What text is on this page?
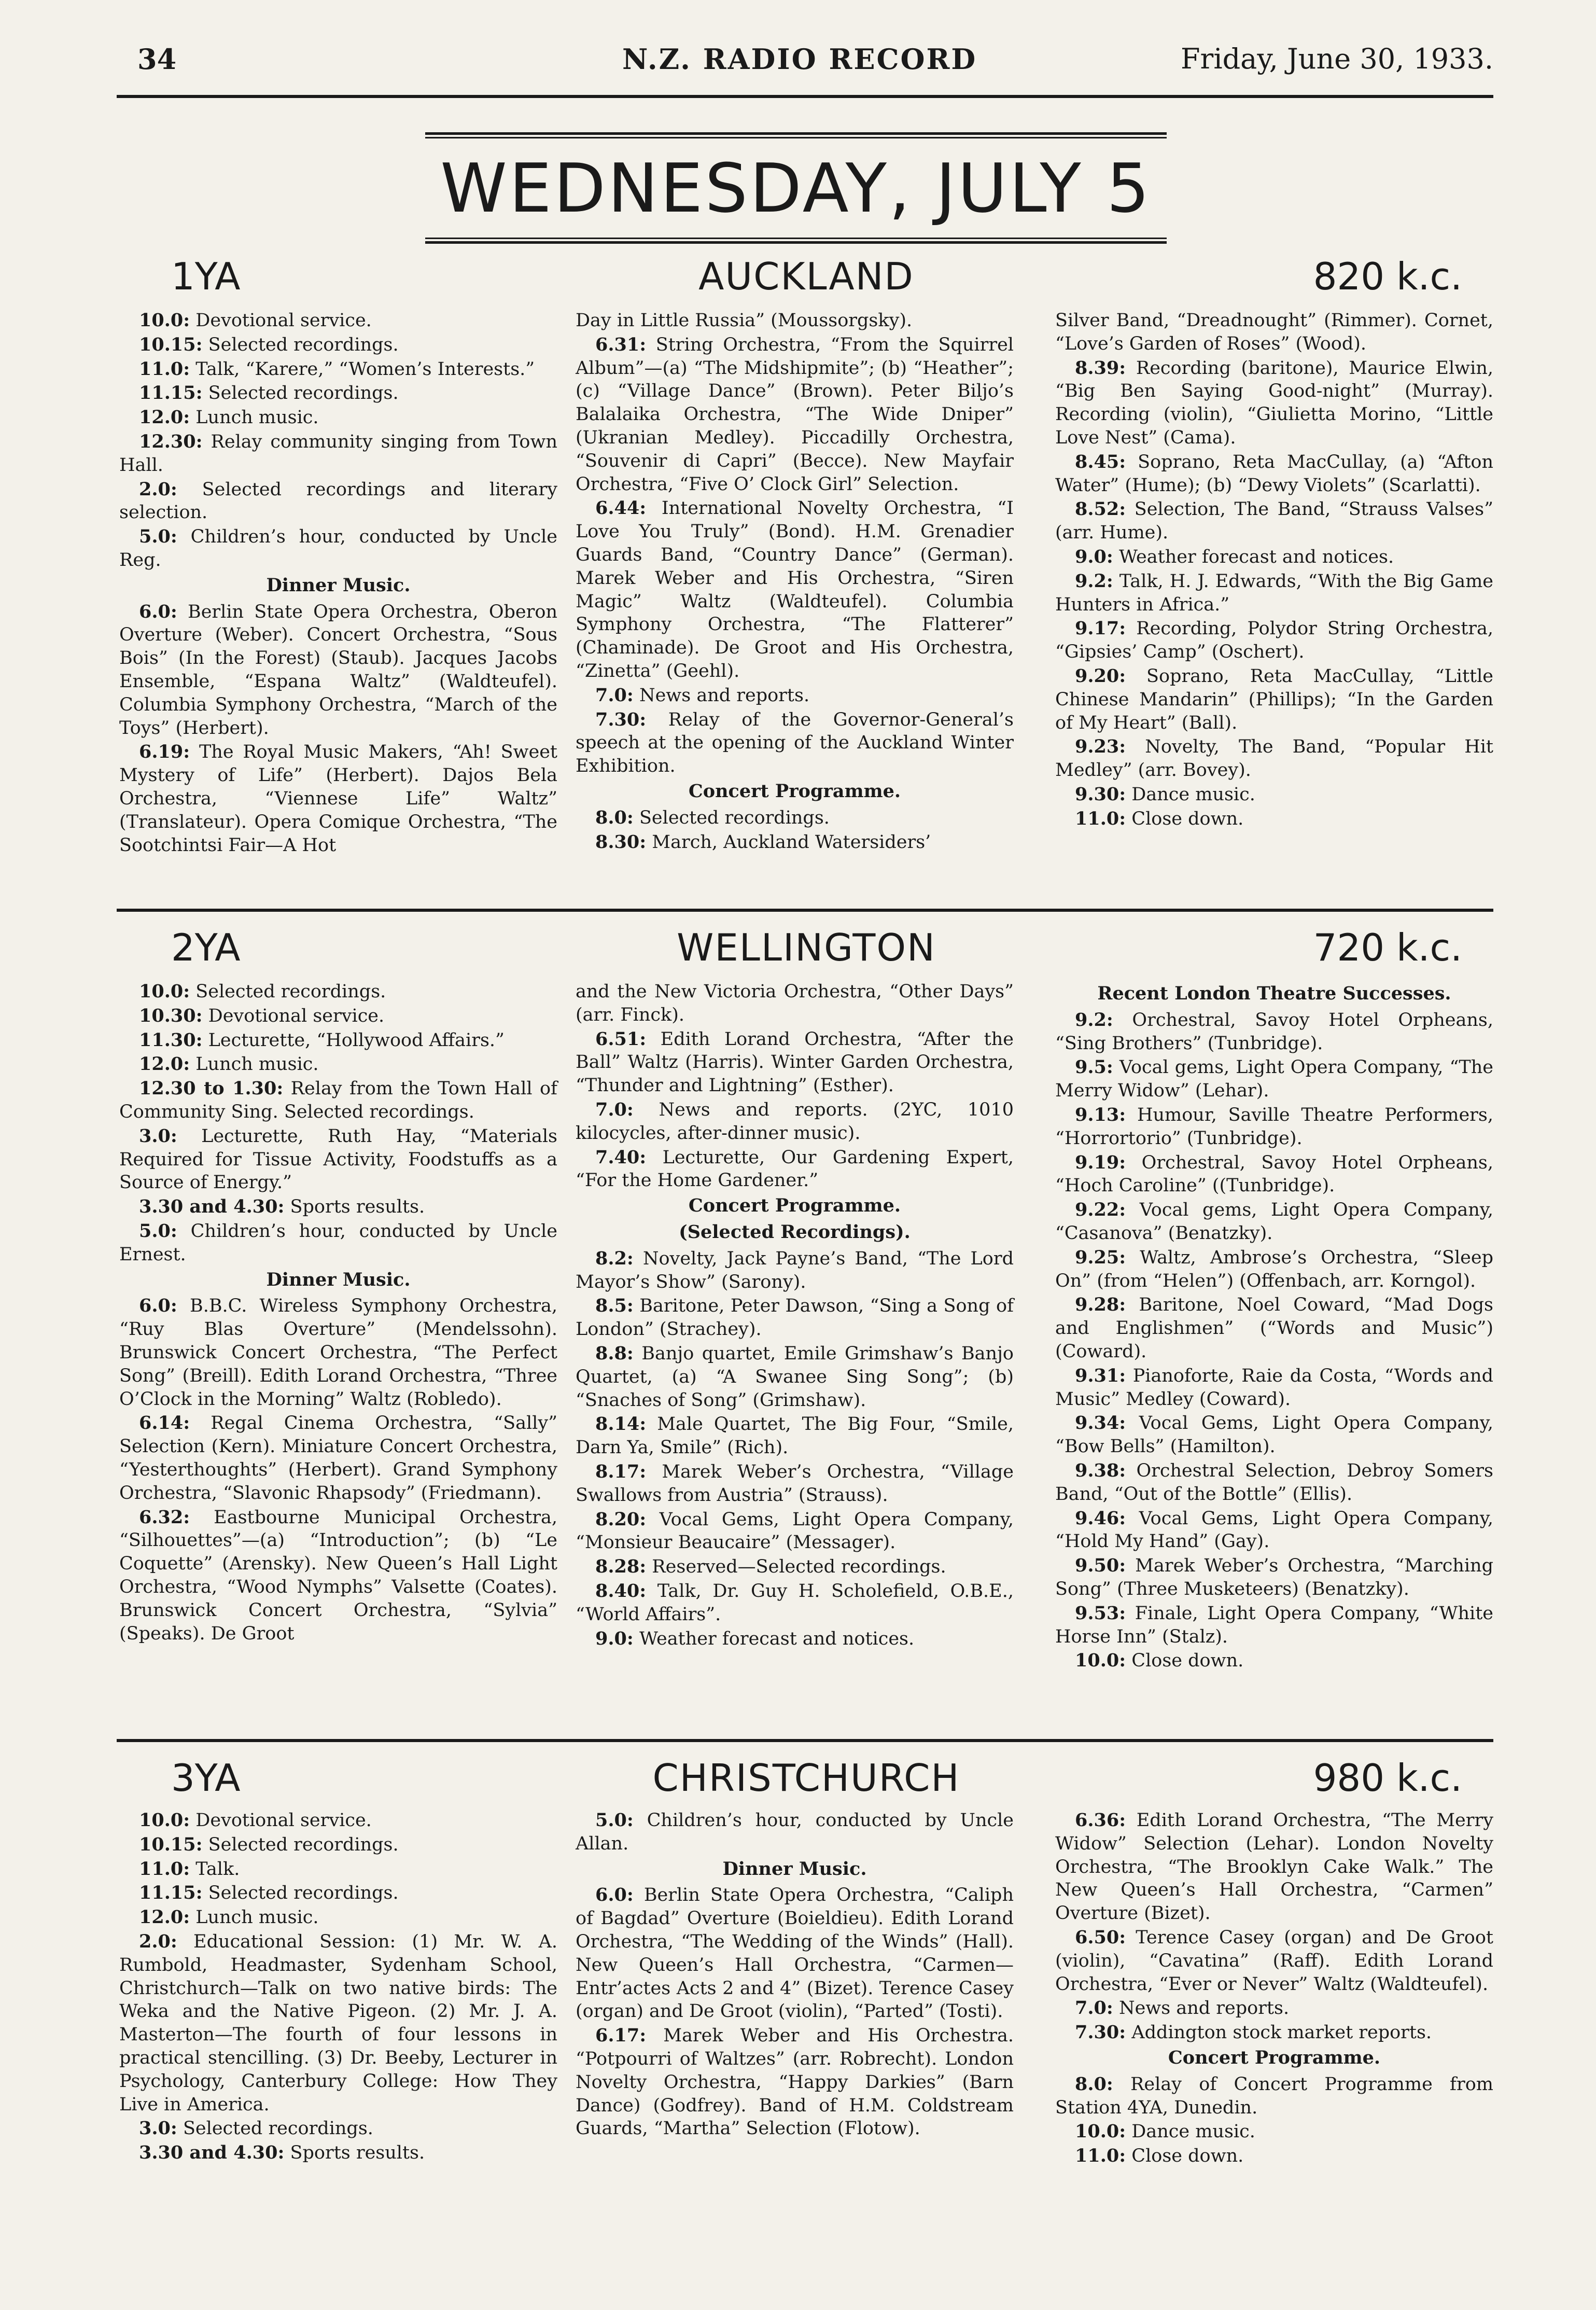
34	N.Z. RADIO RECORD	Friday, June 30, 1933.
WEDNESDAY, JULY 5
1YA	AUCKLAND	820 k.c.

10.0: Devotional service.

10.15: Selected recordings.

11.0: Talk, “Karere,” “Women’s Interests.”

11.15: Selected recordings.

12.0: Lunch music.

12.30: Relay community singing from Town Hall.

2.0: Selected recordings and literary selection.

5.0: Children’s hour, conducted by Uncle Reg.

Dinner Music.

6.0: Berlin State Opera Orchestra, Oberon Overture (Weber). Concert Orchestra, “Sous Bois” (In the Forest) (Staub). Jacques Jacobs Ensemble, “Espana Waltz” (Waldteufel). Columbia Symphony Orchestra, “March of the Toys” (Herbert).

6.19: The Royal Music Makers, “Ah! Sweet Mystery of Life” (Herbert). Dajos Bela Orchestra, “Viennese Life” Waltz” (Translateur). Opera Comique Orchestra, “The Sootchintsi Fair—A Hot

Day in Little Russia” (Moussorgsky).

6.31: String Orchestra, “From the Squirrel Album”—(a) “The Midshipmite”; (b) “Heather”; (c) “Village Dance” (Brown). Peter Biljo’s Balalaika Orchestra, “The Wide Dniper” (Ukranian Medley). Piccadilly Orchestra, “Souvenir di Capri” (Becce). New Mayfair Orchestra, “Five O’ Clock Girl” Selection.

6.44: International Novelty Orchestra, “I Love You Truly” (Bond). H.M. Grenadier Guards Band, “Country Dance” (German). Marek Weber and His Orchestra, “Siren Magic” Waltz (Waldteufel). Columbia Symphony Orchestra, “The Flatterer” (Chaminade). De Groot and His Orchestra, “Zinetta” (Geehl).

7.0: News and reports.

7.30: Relay of the Governor-General’s speech at the opening of the Auckland Winter Exhibition.

Concert Programme.

8.0: Selected recordings.

8.30: March, Auckland Watersiders’

Silver Band, “Dreadnought” (Rimmer). Cornet, “Love’s Garden of Roses” (Wood).

8.39: Recording (baritone), Maurice Elwin, “Big Ben Saying Good-night” (Murray). Recording (violin), “Giulietta Morino, “Little Love Nest” (Cama).

8.45: Soprano, Reta MacCullay, (a) “Afton Water” (Hume); (b) “Dewy Violets” (Scarlatti).

8.52: Selection, The Band, “Strauss Valses” (arr. Hume).

9.0: Weather forecast and notices.

9.2: Talk, H. J. Edwards, “With the Big Game Hunters in Africa.”

9.17: Recording, Polydor String Orchestra, “Gipsies’ Camp” (Oschert).

9.20: Soprano, Reta MacCullay, “Little Chinese Mandarin” (Phillips); “In the Garden of My Heart” (Ball).

9.23: Novelty, The Band, “Popular Hit Medley” (arr. Bovey).

9.30: Dance music.

11.0: Close down.

2YA	WELLINGTON	720 k.c.

10.0: Selected recordings.

10.30: Devotional service.

11.30: Lecturette, “Hollywood Affairs.”

12.0: Lunch music.

12.30 to 1.30: Relay from the Town Hall of Community Sing. Selected recordings.

3.0: Lecturette, Ruth Hay, “Materials Required for Tissue Activity, Foodstuffs as a Source of Energy.”

3.30 and 4.30: Sports results.

5.0: Children’s hour, conducted by Uncle Ernest.

Dinner Music.

6.0: B.B.C. Wireless Symphony Orchestra, “Ruy Blas Overture” (Mendelssohn). Brunswick Concert Orchestra, “The Perfect Song” (Breill). Edith Lorand Orchestra, “Three O’Clock in the Morning” Waltz (Robledo).

6.14: Regal Cinema Orchestra, “Sally” Selection (Kern). Miniature Concert Orchestra, “Yesterthoughts” (Herbert). Grand Symphony Orchestra, “Slavonic Rhapsody” (Friedmann).

6.32: Eastbourne Municipal Orchestra, “Silhouettes”—(a) “Introduction”; (b) “Le Coquette” (Arensky). New Queen’s Hall Light Orchestra, “Wood Nymphs” Valsette (Coates). Brunswick Concert Orchestra, “Sylvia” (Speaks). De Groot

and the New Victoria Orchestra, “Other Days” (arr. Finck).

6.51: Edith Lorand Orchestra, “After the Ball” Waltz (Harris). Winter Garden Orchestra, “Thunder and Lightning” (Esther).

7.0: News and reports. (2YC, 1010 kilocycles, after-dinner music).

7.40: Lecturette, Our Gardening Expert, “For the Home Gardener.”

Concert Programme.
(Selected Recordings).

8.2: Novelty, Jack Payne’s Band, “The Lord Mayor’s Show” (Sarony).

8.5: Baritone, Peter Dawson, “Sing a Song of London” (Strachey).

8.8: Banjo quartet, Emile Grimshaw’s Banjo Quartet, (a) “A Swanee Sing Song”; (b) “Snaches of Song” (Grimshaw).

8.14: Male Quartet, The Big Four, “Smile, Darn Ya, Smile” (Rich).

8.17: Marek Weber’s Orchestra, “Village Swallows from Austria” (Strauss).

8.20: Vocal Gems, Light Opera Company, “Monsieur Beaucaire” (Messager).

8.28: Reserved—Selected recordings.

8.40: Talk, Dr. Guy H. Scholefield, O.B.E., “World Affairs”.

9.0: Weather forecast and notices.

Recent London Theatre Successes.

9.2: Orchestral, Savoy Hotel Orpheans, “Sing Brothers” (Tunbridge).

9.5: Vocal gems, Light Opera Company, “The Merry Widow” (Lehar).

9.13: Humour, Saville Theatre Performers, “Horrortorio” (Tunbridge).

9.19: Orchestral, Savoy Hotel Orpheans, “Hoch Caroline” ((Tunbridge).

9.22: Vocal gems, Light Opera Company, “Casanova” (Benatzky).

9.25: Waltz, Ambrose’s Orchestra, “Sleep On” (from “Helen”) (Offenbach, arr. Korngol).

9.28: Baritone, Noel Coward, “Mad Dogs and Englishmen” (“Words and Music”) (Coward).

9.31: Pianoforte, Raie da Costa, “Words and Music” Medley (Coward).

9.34: Vocal Gems, Light Opera Company, “Bow Bells” (Hamilton).

9.38: Orchestral Selection, Debroy Somers Band, “Out of the Bottle” (Ellis).

9.46: Vocal Gems, Light Opera Company, “Hold My Hand” (Gay).

9.50: Marek Weber’s Orchestra, “Marching Song” (Three Musketeers) (Benatzky).

9.53: Finale, Light Opera Company, “White Horse Inn” (Stalz).

10.0: Close down.

3YA	CHRISTCHURCH	980 k.c.

10.0: Devotional service.

10.15: Selected recordings.

11.0: Talk.

11.15: Selected recordings.

12.0: Lunch music.

2.0: Educational Session: (1) Mr. W. A. Rumbold, Headmaster, Sydenham School, Christchurch—Talk on two native birds: The Weka and the Native Pigeon. (2) Mr. J. A. Masterton—The fourth of four lessons in practical stencilling. (3) Dr. Beeby, Lecturer in Psychology, Canterbury College: How They Live in America.

3.0: Selected recordings.

3.30 and 4.30: Sports results.

5.0: Children’s hour, conducted by Uncle Allan.

Dinner Music.

6.0: Berlin State Opera Orchestra, “Caliph of Bagdad” Overture (Boieldieu). Edith Lorand Orchestra, “The Wedding of the Winds” (Hall). New Queen’s Hall Orchestra, “Carmen—Entr’actes Acts 2 and 4” (Bizet). Terence Casey (organ) and De Groot (violin), “Parted” (Tosti).

6.17: Marek Weber and His Orchestra. “Potpourri of Waltzes” (arr. Robrecht). London Novelty Orchestra, “Happy Darkies” (Barn Dance) (Godfrey). Band of H.M. Coldstream Guards, “Martha” Selection (Flotow).

6.36: Edith Lorand Orchestra, “The Merry Widow” Selection (Lehar). London Novelty Orchestra, “The Brooklyn Cake Walk.” The New Queen’s Hall Orchestra, “Carmen” Overture (Bizet).

6.50: Terence Casey (organ) and De Groot (violin), “Cavatina” (Raff). Edith Lorand Orchestra, “Ever or Never” Waltz (Waldteufel).

7.0: News and reports.

7.30: Addington stock market reports.

Concert Programme.

8.0: Relay of Concert Programme from Station 4YA, Dunedin.

10.0: Dance music.

11.0: Close down.
